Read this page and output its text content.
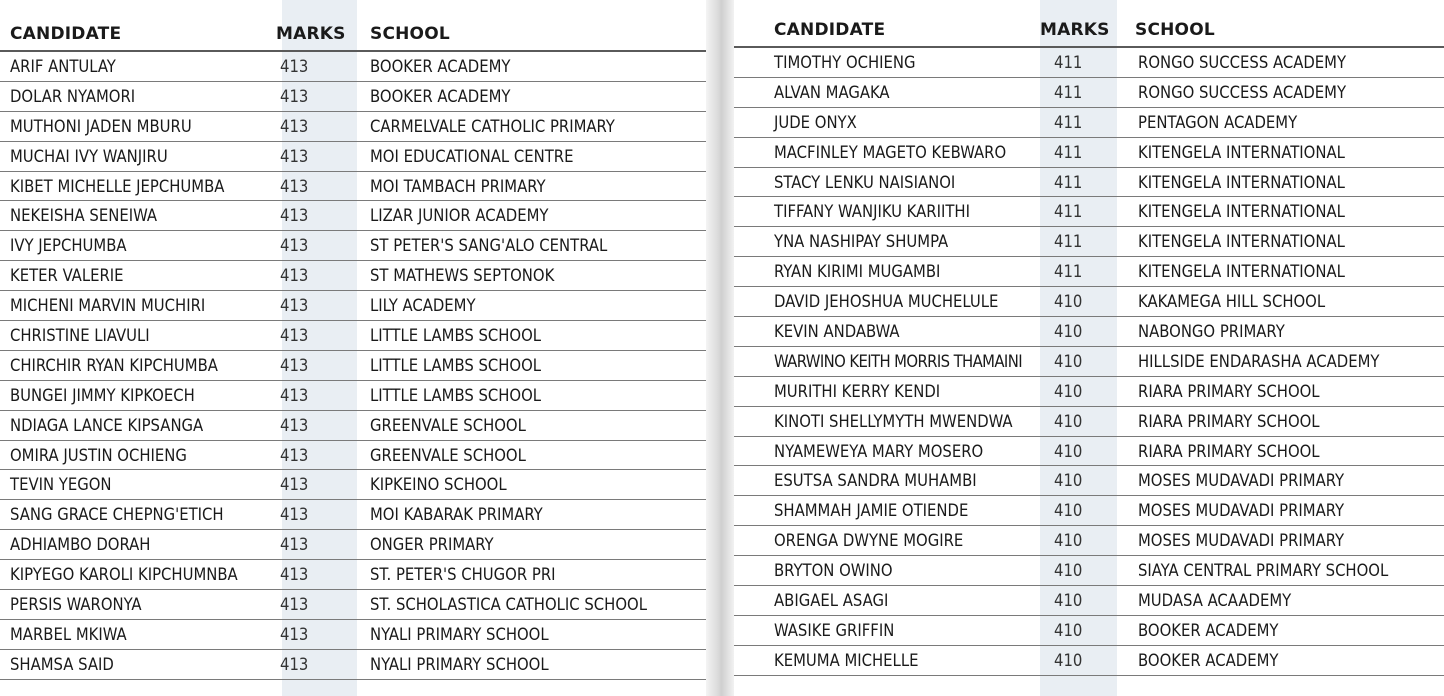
CANDIDATE	MARKS	SCHOOL
ARIF ANTULAY	413	BOOKER ACADEMY
DOLAR NYAMORI	413	BOOKER ACADEMY
MUTHONI JADEN MBURU	413	CARMELVALE CATHOLIC PRIMARY
MUCHAI IVY WANJIRU	413	MOI EDUCATIONAL CENTRE
KIBET MICHELLE JEPCHUMBA	413	MOI TAMBACH PRIMARY
NEKEISHA SENEIWA	413	LIZAR JUNIOR ACADEMY
IVY JEPCHUMBA	413	ST PETER'S SANG'ALO CENTRAL
KETER VALERIE	413	ST MATHEWS SEPTONOK
MICHENI MARVIN MUCHIRI	413	LILY ACADEMY
CHRISTINE LIAVULI	413	LITTLE LAMBS SCHOOL
CHIRCHIR RYAN KIPCHUMBA	413	LITTLE LAMBS SCHOOL
BUNGEI JIMMY KIPKOECH	413	LITTLE LAMBS SCHOOL
NDIAGA LANCE KIPSANGA	413	GREENVALE SCHOOL
OMIRA JUSTIN OCHIENG	413	GREENVALE SCHOOL
TEVIN YEGON	413	KIPKEINO SCHOOL
SANG GRACE CHEPNG'ETICH	413	MOI KABARAK PRIMARY
ADHIAMBO DORAH	413	ONGER PRIMARY
KIPYEGO KAROLI KIPCHUMNBA	413	ST. PETER'S CHUGOR PRI
PERSIS WARONYA	413	ST. SCHOLASTICA CATHOLIC SCHOOL
MARBEL MKIWA	413	NYALI PRIMARY SCHOOL
SHAMSA SAID	413	NYALI PRIMARY SCHOOL
CANDIDATE	MARKS	SCHOOL
TIMOTHY OCHIENG	411	RONGO SUCCESS ACADEMY
ALVAN MAGAKA	411	RONGO SUCCESS ACADEMY
JUDE ONYX	411	PENTAGON ACADEMY
MACFINLEY MAGETO KEBWARO	411	KITENGELA INTERNATIONAL
STACY LENKU NAISIANOI	411	KITENGELA INTERNATIONAL
TIFFANY WANJIKU KARIITHI	411	KITENGELA INTERNATIONAL
YNA NASHIPAY SHUMPA	411	KITENGELA INTERNATIONAL
RYAN KIRIMI MUGAMBI	411	KITENGELA INTERNATIONAL
DAVID JEHOSHUA MUCHELULE	410	KAKAMEGA HILL SCHOOL
KEVIN ANDABWA	410	NABONGO PRIMARY
WARWINO KEITH MORRIS THAMAINI	410	HILLSIDE ENDARASHA ACADEMY
MURITHI KERRY KENDI	410	RIARA PRIMARY SCHOOL
KINOTI SHELLYMYTH MWENDWA	410	RIARA PRIMARY SCHOOL
NYAMEWEYA MARY MOSERO	410	RIARA PRIMARY SCHOOL
ESUTSA SANDRA MUHAMBI	410	MOSES MUDAVADI PRIMARY
SHAMMAH JAMIE OTIENDE	410	MOSES MUDAVADI PRIMARY
ORENGA DWYNE MOGIRE	410	MOSES MUDAVADI PRIMARY
BRYTON OWINO	410	SIAYA CENTRAL PRIMARY SCHOOL
ABIGAEL ASAGI	410	MUDASA ACAADEMY
WASIKE GRIFFIN	410	BOOKER ACADEMY
KEMUMA MICHELLE	410	BOOKER ACADEMY
